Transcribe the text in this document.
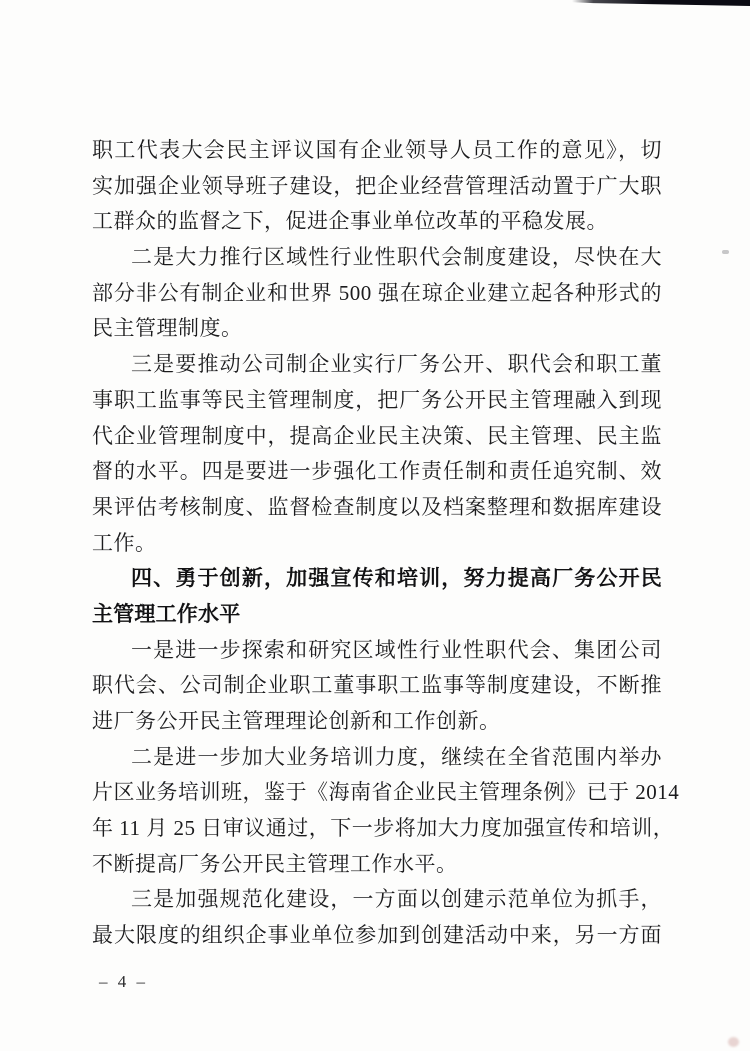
职工代表大会民主评议国有企业领导人员工作的意见》，切
实加强企业领导班子建设，把企业经营管理活动置于广大职
工群众的监督之下，促进企事业单位改革的平稳发展。
二是大力推行区域性行业性职代会制度建设，尽快在大
部分非公有制企业和世界 500 强在琼企业建立起各种形式的
民主管理制度。
三是要推动公司制企业实行厂务公开、职代会和职工董
事职工监事等民主管理制度，把厂务公开民主管理融入到现
代企业管理制度中，提高企业民主决策、民主管理、民主监
督的水平。四是要进一步强化工作责任制和责任追究制、效
果评估考核制度、监督检查制度以及档案整理和数据库建设
工作。
四、勇于创新，加强宣传和培训，努力提高厂务公开民
主管理工作水平
一是进一步探索和研究区域性行业性职代会、集团公司
职代会、公司制企业职工董事职工监事等制度建设，不断推
进厂务公开民主管理理论创新和工作创新。
二是进一步加大业务培训力度，继续在全省范围内举办
片区业务培训班，鉴于《海南省企业民主管理条例》已于 2014
年 11 月 25 日审议通过，下一步将加大力度加强宣传和培训，
不断提高厂务公开民主管理工作水平。
三是加强规范化建设，一方面以创建示范单位为抓手，
最大限度的组织企事业单位参加到创建活动中来，另一方面
– 4 –
